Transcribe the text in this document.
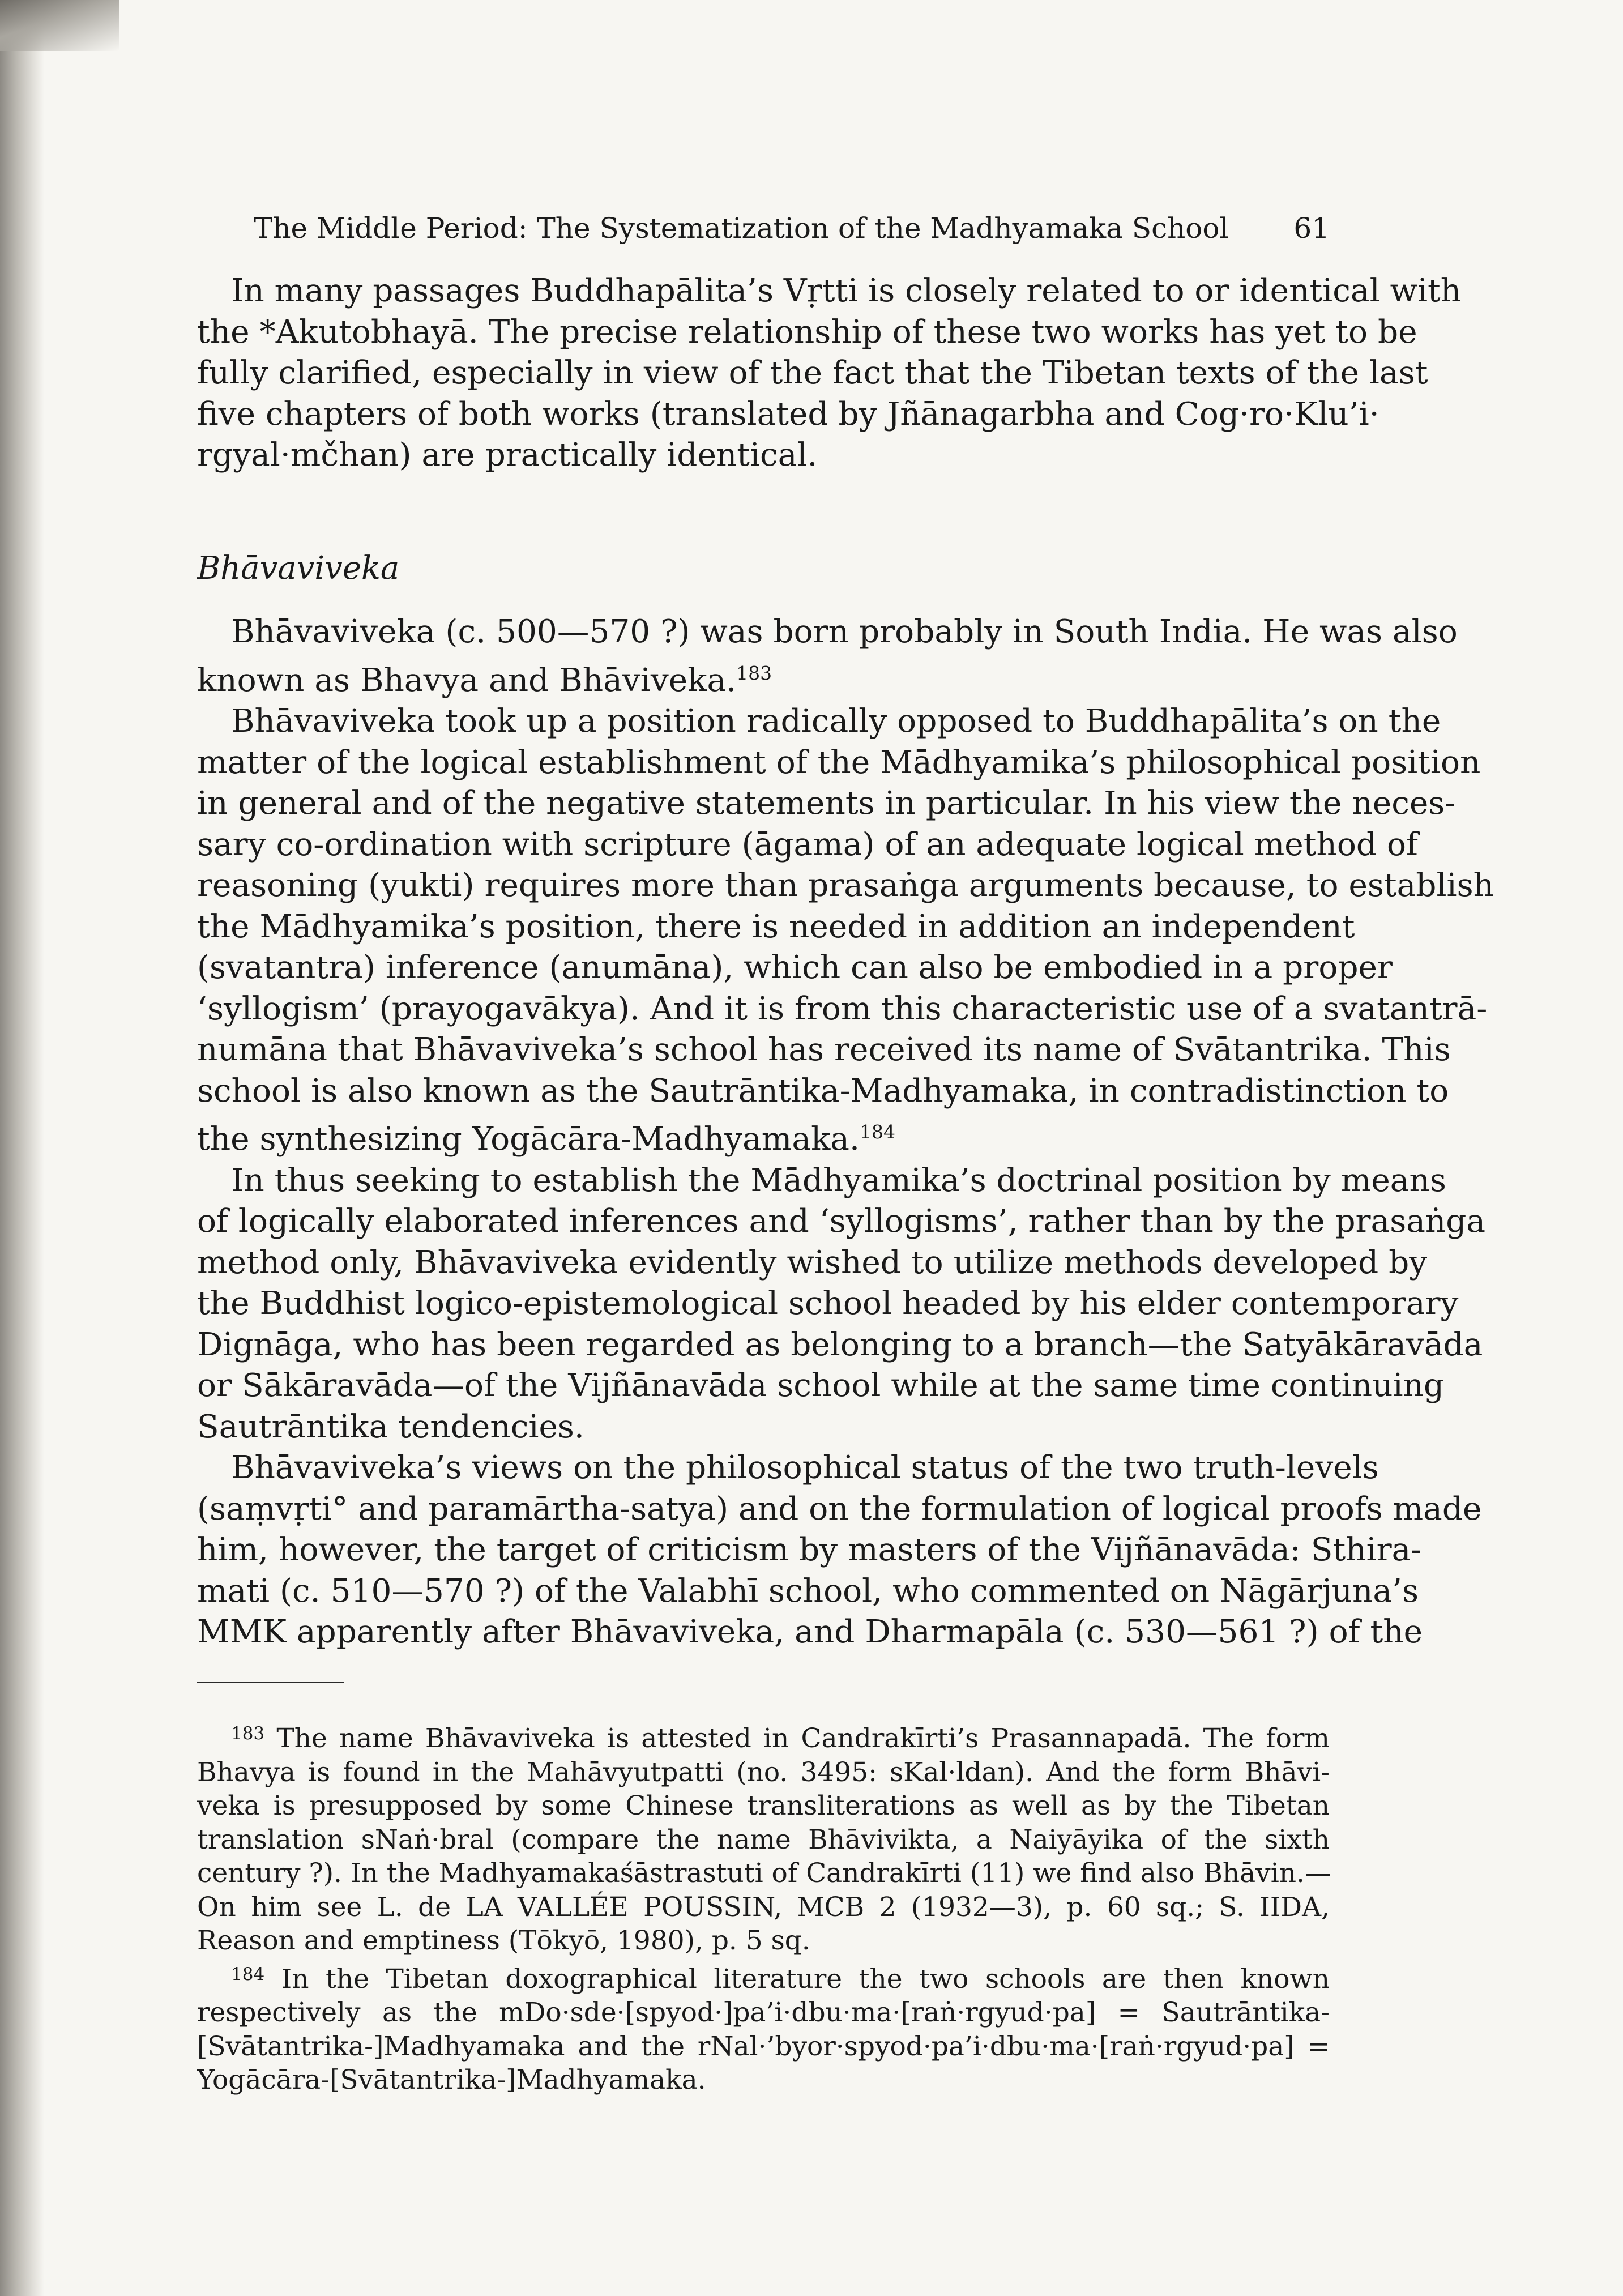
The Middle Period: The Systematization of the Madhyamaka School 61

In many passages Buddhapālita’s Vṛtti is closely related to or identical with
the *Akutobhayā. The precise relationship of these two works has yet to be
fully clarified, especially in view of the fact that the Tibetan texts of the last
five chapters of both works (translated by Jñānagarbha and Cog·ro·Klu’i·
rgyal·mčhan) are practically identical.

Bhāvaviveka

Bhāvaviveka (c. 500—570 ?) was born probably in South India. He was also
known as Bhavya and Bhāviveka.$^{183}$

Bhāvaviveka took up a position radically opposed to Buddhapālita’s on the
matter of the logical establishment of the Mādhyamika’s philosophical position
in general and of the negative statements in particular. In his view the neces-
sary co-ordination with scripture (āgama) of an adequate logical method of
reasoning (yukti) requires more than prasaṅga arguments because, to establish
the Mādhyamika’s position, there is needed in addition an independent
(svatantra) inference (anumāna), which can also be embodied in a proper
‘syllogism’ (prayogavākya). And it is from this characteristic use of a svatantrā-
numāna that Bhāvaviveka’s school has received its name of Svātantrika. This
school is also known as the Sautrāntika-Madhyamaka, in contradistinction to
the synthesizing Yogācāra-Madhyamaka.$^{184}$

In thus seeking to establish the Mādhyamika’s doctrinal position by means
of logically elaborated inferences and ‘syllogisms’, rather than by the prasaṅga
method only, Bhāvaviveka evidently wished to utilize methods developed by
the Buddhist logico-epistemological school headed by his elder contemporary
Dignāga, who has been regarded as belonging to a branch—the Satyākāravāda
or Sākāravāda—of the Vijñānavāda school while at the same time continuing
Sautrāntika tendencies.

Bhāvaviveka’s views on the philosophical status of the two truth-levels
(saṃvṛti° and paramārtha-satya) and on the formulation of logical proofs made
him, however, the target of criticism by masters of the Vijñānavāda: Sthira-
mati (c. 510—570 ?) of the Valabhī school, who commented on Nāgārjuna’s
MMK apparently after Bhāvaviveka, and Dharmapāla (c. 530—561 ?) of the

$^{183}$ The name Bhāvaviveka is attested in Candrakīrti’s Prasannapadā. The form
Bhavya is found in the Mahāvyutpatti (no. 3495: sKal·ldan). And the form Bhāvi-
veka is presupposed by some Chinese transliterations as well as by the Tibetan
translation sNaṅ·bral (compare the name Bhāvivikta, a Naiyāyika of the sixth
century ?). In the Madhyamakaśāstrastuti of Candrakīrti (11) we find also Bhāvin.—
On him see L. de LA VALLÉE POUSSIN, MCB 2 (1932—3), p. 60 sq.; S. IIDA,
Reason and emptiness (Tōkyō, 1980), p. 5 sq.
$^{184}$ In the Tibetan doxographical literature the two schools are then known
respectively as the mDo·sde·[spyod·]pa’i·dbu·ma·[raṅ·rgyud·pa] = Sautrāntika-
[Svātantrika-]Madhyamaka and the rNal·’byor·spyod·pa’i·dbu·ma·[raṅ·rgyud·pa] =
Yogācāra-[Svātantrika-]Madhyamaka.
